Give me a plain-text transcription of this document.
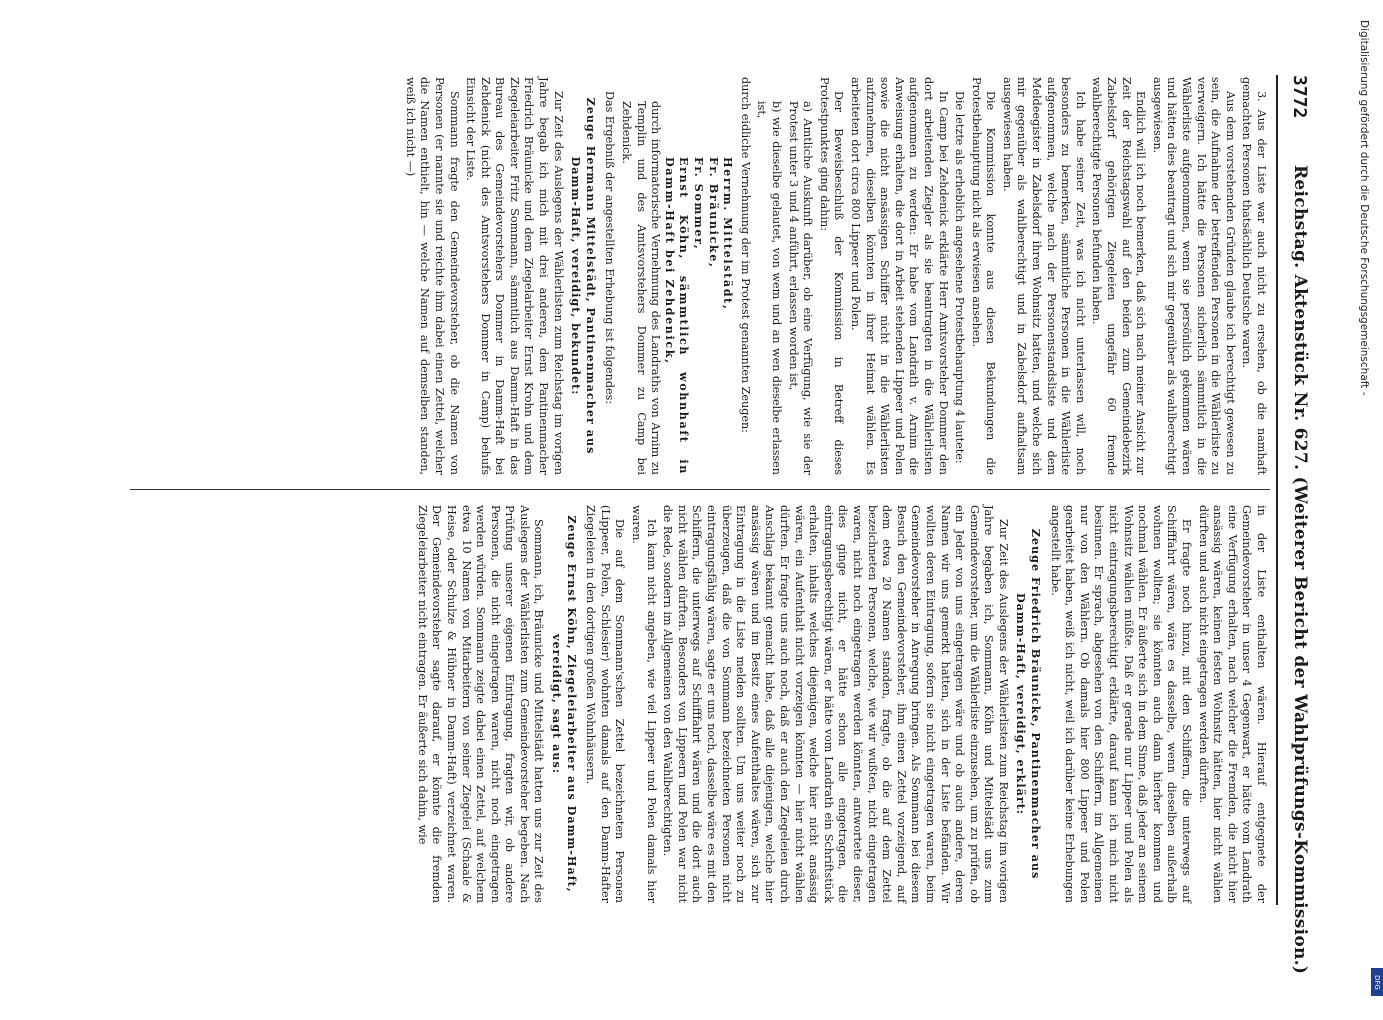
3772
Reichstag. Aktenstück Nr. 627. (Weiterer Bericht der Wahlprüfungs-Kommission.)

3. Aus der Liste war auch nicht zu ersehen, ob die namhaft gemachten Personen thatsächlich Deutsche waren.

Aus dem vorstehenden Gründen glaube ich berechtigt gewesen zu sein, die Aufnahme der betreffenden Personen in die Wählerliste zu verweigern. Ich hätte die Personen sicherlich sämmtlich in die Wählerliste aufgenommen, wenn sie persönlich gekommen wären und hätten dies beantragt und sich mir gegenüber als wahlberechtigt ausgewiesen.

Endlich will ich noch bemerken, daß sich nach meiner Ansicht zur Zeit der Reichstagswahl auf den beiden zum Gemeindebezirk Zabelsdorf gehörigen Ziegeleien ungefähr 60 fremde wahlberechtigte Personen befunden haben.

Ich habe seiner Zeit, was ich nicht unterlassen will, noch besonders zu bemerken, sämmtliche Personen in die Wählerliste aufgenommen, welche nach der Personenstandsliste und dem Meldeegister in Zabelsdorf ihren Wohnsitz hatten, und welche sich mir gegenüber als wahlberechtigt und in Zabelsdorf aufhaltsam ausgewiesen haben.

Die Kommission konnte aus diesen Bekundungen die Protestbehauptung nicht als erwiesen ansehen.

Die letzte als erheblich angesehene Protestbehauptung 4 lautete:

In Camp bei Zehdenick erklärte Herr Amtsvorsteher Dommer den dort arbeitenden Ziegler als sie beantragten in die Wählerlisten aufgenommen zu werden: Er habe vom Landrath v. Arnim die Anweisung erhalten, die dort in Arbeit stehenden Lippeer und Polen sowie die nicht ansässigen Schiffer nicht in die Wählerlisten aufzunehmen, dieselben könnten in ihrer Heimat wählen. Es arbeiteten dort circa 800 Lippeer und Polen.

Der Beweisbeschluß der Kommission in Betreff dieses Protestpunktes ging dahin:

a) Amtliche Auskunft darüber, ob eine Verfügung, wie sie der Protest unter 3 und 4 anführt, erlassen worden ist,

b) wie dieselbe gelautet, von wem und an wen dieselbe erlassen ist,

durch eidliche Vernehmung der im Protest genannten Zeugen:

Herrm. Mittelstädt,

Fr. Bräunicke,

Fr. Sommer,

Ernst Köhn, sämmtlich wohnhaft in Damm-Haft bei Zehdenick,

durch informatorische Vernehmung des Landraths von Arnim zu Templin und des Amtsvorstehers Dommer zu Camp bei Zehdenick.

Das Ergebniß der angestellten Erhebung ist folgendes:

Zeuge Hermann Mittelstädt, Pantinenmacher aus Damm-Haft, vereidigt, bekundet:

Zur Zeit des Auslegens der Wählerlisten zum Reichstag im vorigen Jahre begab ich mich mit drei anderen, dem Pantinenmacher Friedrich Bräunicke und dem Ziegelarbeiter Ernst Krohn und dem Ziegeleiarbeiter Fritz Sommann, sämmtlich aus Damm-Haft in das Bureau des Gemeindevorstehers Dommer in Damm-Haft bei Zehdenick (nicht des Amtsvorstehers Dommer in Camp) behufs Einsicht der Liste.

Sommann fragte den Gemeindevorsteher, ob die Namen von Personen (er nannte sie und reichte ihm dabei einen Zettel, welcher die Namen enthielt, hin — welche Namen auf demselben standen, weiß ich nicht —)

in der Liste enthalten wären. Hierauf entgegnete der Gemeindevorsteher in unser 4 Gegenwart, er hätte vom Landrath eine Verfügung erhalten, nach welcher die Fremden, die nicht hier ansässig wären, keinen festen Wohnsitz hätten, hier nicht wählen dürften und auch nicht eingetragen werden dürften.

Er fragte noch hinzu, mit den Schiffern, die unterwegs auf Schifffahrt wären, wäre es dasselbe, wenn dieselben außerhalb wohnen wollten; sie könnten auch dann hierher kommen und nochmal wählen. Er äußerte sich in dem Sinne, daß jeder an seinem Wohnsitz wählen müßte. Daß er gerade nur Lippeer und Polen als nicht eintragungsberechtigt erklärte, darauf kann ich mich nicht besinnen. Er sprach, abgesehen von den Schiffern, im Allgemeinen nur von den Wählern. Ob damals hier 800 Lippeer und Polen gearbeitet haben, weiß ich nicht, weil ich darüber keine Erhebungen angestellt habe.

Zeuge Friedrich Bräunicke, Pantinenmacher aus Damm-Haft, vereidigt, erklärt:

Zur Zeit des Auslegens der Wählerlisten zum Reichstag im vorigen Jahre begaben ich, Sommann, Köhn und Mittelstädt uns zum Gemeindevorsteher, um die Wählerliste einzusehen, um zu prüfen, ob ein Jeder von uns eingetragen wäre und ob auch andere, deren Namen wir uns gemerkt hatten, sich in der Liste befänden. Wir wollten deren Eintragung, sofern sie nicht eingetragen waren, beim Gemeindevorsteher in Anregung bringen. Als Sommann bei diesem Besuch den Gemeindevorsteher, ihm einen Zettel vorzeigend, auf dem etwa 20 Namen standen, fragte, ob die auf dem Zettel bezeichneten Personen, welche, wie wir wußten, nicht eingetragen waren, nicht noch eingetragen werden könnten, antwortete dieser, dies ginge nicht, er hätte schon alle eingetragen, die eintragungsberechtigt wären, er hätte vom Landrath ein Schriftstück erhalten, inhalts welches diejenigen, welche hier nicht ansässig wären, ein Aufenthalt nicht vorzeigen könnten — hier nicht wählen dürften. Er fragte uns auch noch, daß er auch den Ziegeleien durch Anschlag bekannt gemacht habe, daß alle diejenigen, welche hier ansässig wären und im Besitz eines Aufenthaltes wären, sich zur Eintragung in die Liste melden sollten. Um uns weiter noch zu überzeugen, daß die von Sommann bezeichneten Personen nicht eintragungsfähig wären, sagte er uns noch, dasselbe wäre es mit den Schiffern, die unterwegs auf Schifffahrt wären und die dort auch nicht wählen dürften. Besonders von Lippeern und Polen war nicht die Rede, sondern im Allgemeinen von den Wahlberechtigten.

Ich kann nicht angeben, wie viel Lippeer und Polen damals hier waren.

Die auf dem Sommann'schen Zettel bezeichneten Personen (Lippeer, Polen, Schlesier) wohnten damals auf den Damm-Hafter Ziegeleien in den dortigen großen Wohnhäusern.

Zeuge Ernst Köhn, Ziegeleiarbeiter aus Damm-Haft, vereidigt, sagt aus:

Sommann, ich, Bräunicke und Mittelstädt hatten uns zur Zeit des Auslegens der Wählerlisten zum Gemeindevorsteher begeben. Nach Prüfung unserer eigenen Eintragung, fragten wir, ob andere Personen, die nicht eingetragen waren, nicht noch eingetragen werden würden. Sommann zeigte dabei einen Zettel, auf welchem etwa 10 Namen von Mitarbeitern von seiner Ziegelei (Schaale & Heise, oder Schulze & Hübner in Damm-Haft) verzeichnet waren. Der Gemeindevorsteher sagte darauf, er könnte die fremden Ziegeleiarbeiter nicht eintragen. Er äußerte sich dahin, wie

Digitalisierung gefördert durch die Deutsche Forschungsgemeinschaft -
DFG
